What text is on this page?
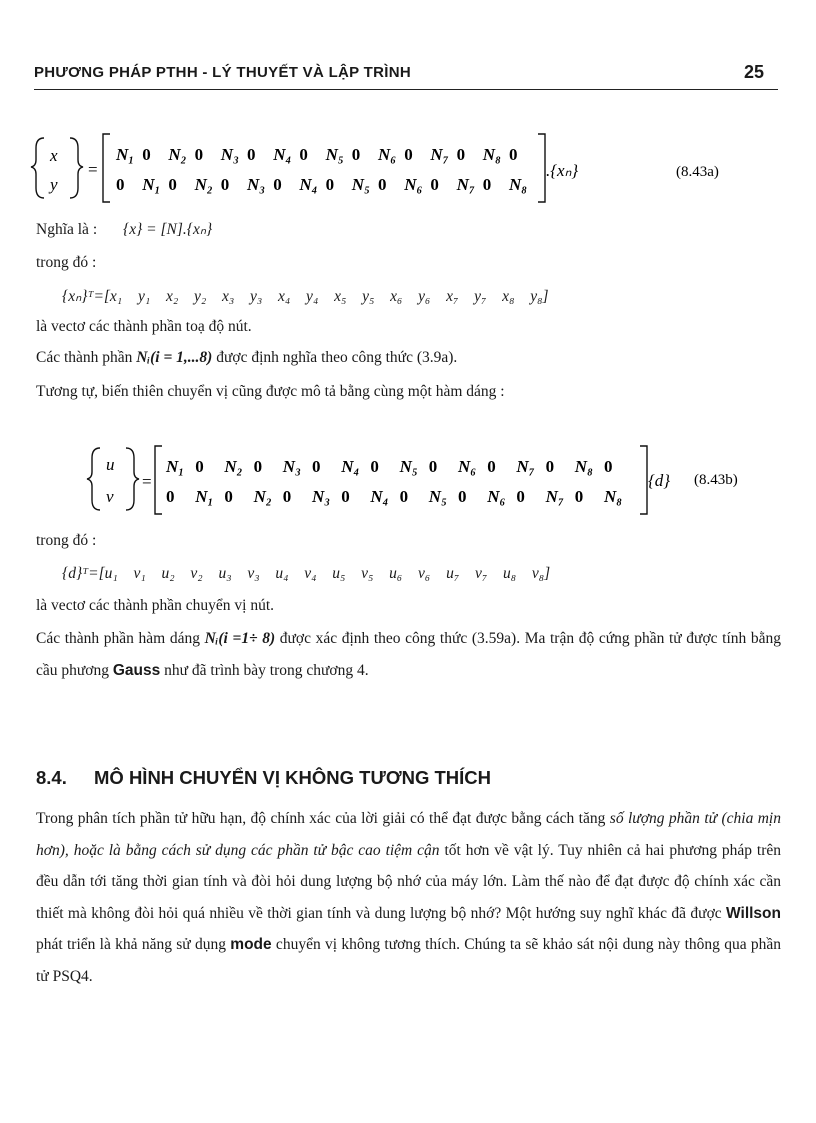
PHƯƠNG PHÁP PTHH - LÝ THUYẾT VÀ LẬP TRÌNH	25
x
y
=
N₁ 0 N₂ 0 N₃ 0 N₄ 0 N₅ 0 N₆ 0 N₇ 0 N₈ 0
0 N₁ 0 N₂ 0 N₃ 0 N₄ 0 N₅ 0 N₆ 0 N₇ 0 N₈
.{xₙ}	(8.43a)
Nghĩa là : {x} = [N].{xₙ}
trong đó :
{xₙ}ᵀ=[x₁  y₁  x₂  y₂  x₃  y₃  x₄  y₄  x₅  y₅  x₆  y₆  x₇  y₇  x₈  y₈]
là vectơ các thành phần toạ độ nút.
Các thành phần Nᵢ(i = 1,...8) được định nghĩa theo công thức (3.9a).
Tương tự, biến thiên chuyển vị cũng được mô tả bằng cùng một hàm dáng :
u
v
=
N₁ 0 N₂ 0 N₃ 0 N₄ 0 N₅ 0 N₆ 0 N₇ 0 N₈ 0
0 N₁ 0 N₂ 0 N₃ 0 N₄ 0 N₅ 0 N₆ 0 N₇ 0 N₈
{d} (8.43b)
trong đó :
{d}ᵀ=[u₁  v₁  u₂  v₂  u₃  v₃  u₄  v₄  u₅  v₅  u₆  v₆  u₇  v₇  u₈  v₈]
là vectơ các thành phần chuyển vị nút.
Các thành phần hàm dáng Nᵢ(i =1÷ 8) được xác định theo công thức (3.59a). Ma trận độ cứng phần tử được tính bằng cầu phương Gauss như đã trình bày trong chương 4.
8.4. MÔ HÌNH CHUYỂN VỊ KHÔNG TƯƠNG THÍCH
Trong phân tích phần tử hữu hạn, độ chính xác của lời giải có thể đạt được bằng cách tăng số lượng phần tử (chia mịn hơn), hoặc là bằng cách sử dụng các phần tử bậc cao tiệm cận tốt hơn về vật lý. Tuy nhiên cả hai phương pháp trên đều dẫn tới tăng thời gian tính và đòi hỏi dung lượng bộ nhớ của máy lớn. Làm thế nào để đạt được độ chính xác cần thiết mà không đòi hỏi quá nhiều về thời gian tính và dung lượng bộ nhớ? Một hướng suy nghĩ khác đã được Willson phát triển là khả năng sử dụng mode chuyển vị không tương thích. Chúng ta sẽ khảo sát nội dung này thông qua phần tử PSQ4.
